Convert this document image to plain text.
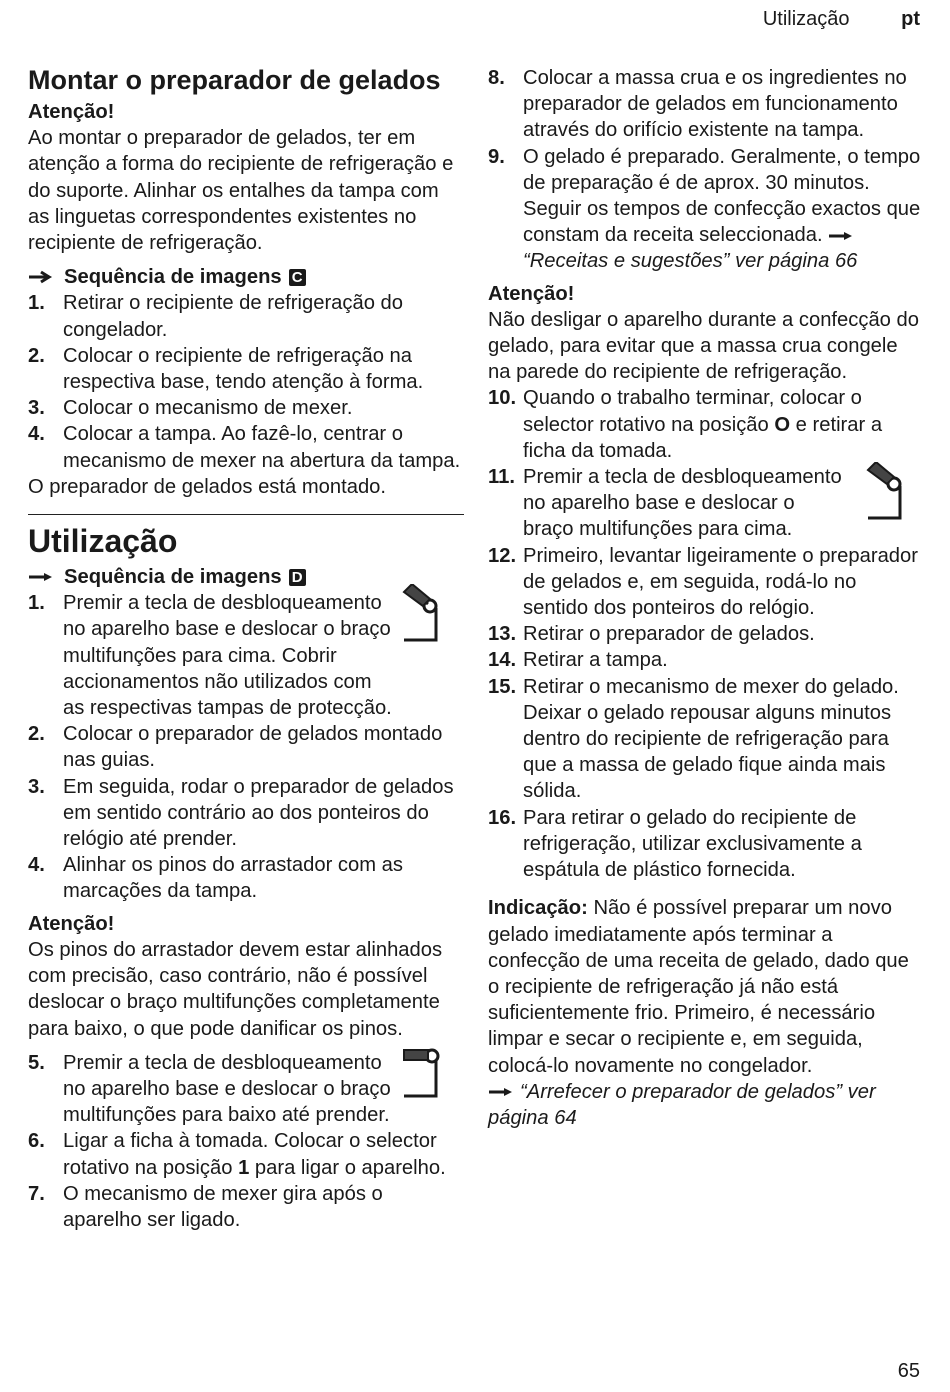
Utilização	pt
Montar o preparador de gelados
Atenção!

Ao montar o preparador de gelados, ter em atenção a forma do recipiente de refrigeração e do suporte. Alinhar os entalhes da tampa com as linguetas correspondentes existentes no recipiente de refrigeração.

Sequência de imagens C
1. Retirar o recipiente de refrigeração do congelador.
2. Colocar o recipiente de refrigeração na respectiva base, tendo atenção à forma.
3. Colocar o mecanismo de mexer.
4. Colocar a tampa. Ao fazê-lo, centrar o mecanismo de mexer na abertura da tampa.

O preparador de gelados está montado.

Utilização
Sequência de imagens D
1. Premir a tecla de desbloqueamento no aparelho base e deslocar o braço multifunções para cima. Cobrir accionamentos não utilizados com as respectivas tampas de protecção.
2. Colocar o preparador de gelados montado nas guias.
3. Em seguida, rodar o preparador de gelados em sentido contrário ao dos ponteiros do relógio até prender.
4. Alinhar os pinos do arrastador com as marcações da tampa.
Atenção!

Os pinos do arrastador devem estar alinhados com precisão, caso contrário, não é possível deslocar o braço multifunções completamente para baixo, o que pode danificar os pinos.

5. Premir a tecla de desbloqueamento no aparelho base e deslocar o braço multifunções para baixo até prender.
6. Ligar a ficha à tomada. Colocar o selector rotativo na posição 1 para ligar o aparelho.
7. O mecanismo de mexer gira após o aparelho ser ligado.
8. Colocar a massa crua e os ingredientes no preparador de gelados em funcionamento através do orifício existente na tampa.
9. O gelado é preparado. Geralmente, o tempo de preparação é de aprox. 30 minutos. Seguir os tempos de confecção exactos que constam da receita seleccionada. “Receitas e sugestões” ver página 66
Atenção!

Não desligar o aparelho durante a confecção do gelado, para evitar que a massa crua congele na parede do recipiente de refrigeração.

10. Quando o trabalho terminar, colocar o selector rotativo na posição O e retirar a ficha da tomada.
11. Premir a tecla de desbloqueamento no aparelho base e deslocar o braço multifunções para cima.
12. Primeiro, levantar ligeiramente o preparador de gelados e, em seguida, rodá-lo no sentido dos ponteiros do relógio.
13. Retirar o preparador de gelados.
14. Retirar a tampa.
15. Retirar o mecanismo de mexer do gelado. Deixar o gelado repousar alguns minutos dentro do recipiente de refrigeração para que a massa de gelado fique ainda mais sólida.
16. Para retirar o gelado do recipiente de refrigeração, utilizar exclusivamente a espátula de plástico fornecida.

Indicação: Não é possível preparar um novo gelado imediatamente após terminar a confecção de uma receita de gelado, dado que o recipiente de refrigeração já não está suficientemente frio. Primeiro, é necessário limpar e secar o recipiente e, em seguida, colocá-lo novamente no congelador.

“Arrefecer o preparador de gelados” ver página 64

65
